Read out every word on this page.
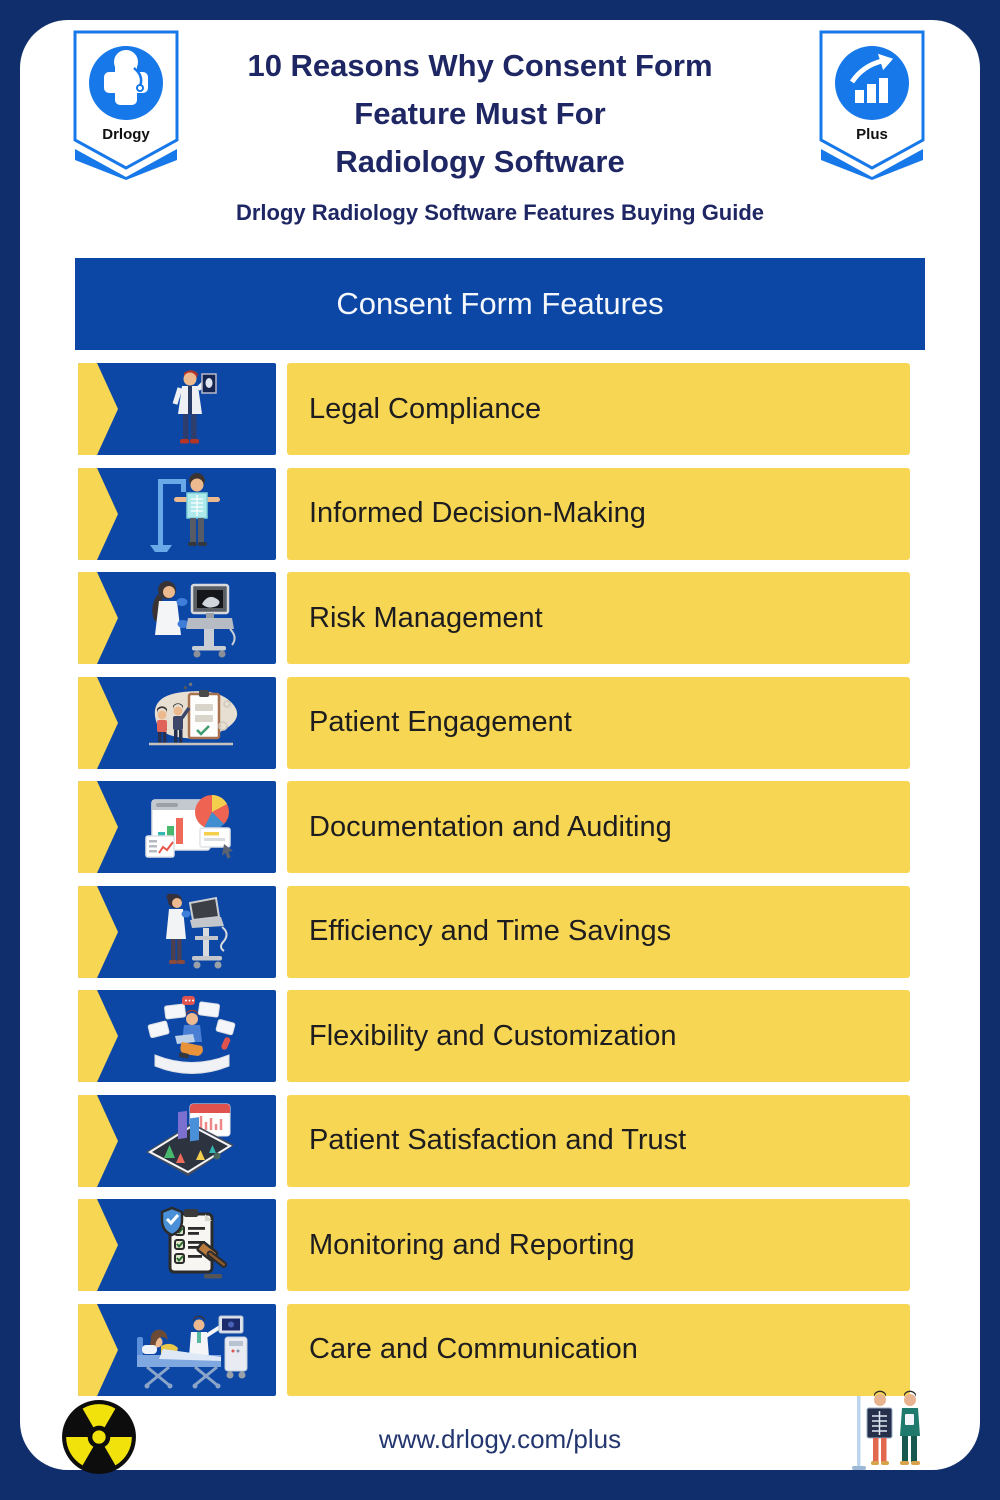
Drlogy	Plus
10 Reasons Why Consent Form
Feature Must For
Radiology Software
Drlogy Radiology Software Features Buying Guide
Consent Form Features
Legal Compliance
Informed Decision-Making
Risk Management
Patient Engagement
Documentation and Auditing
Efficiency and Time Savings
Flexibility and Customization
Patient Satisfaction and Trust
Monitoring and Reporting
Care and Communication
www.drlogy.com/plus
